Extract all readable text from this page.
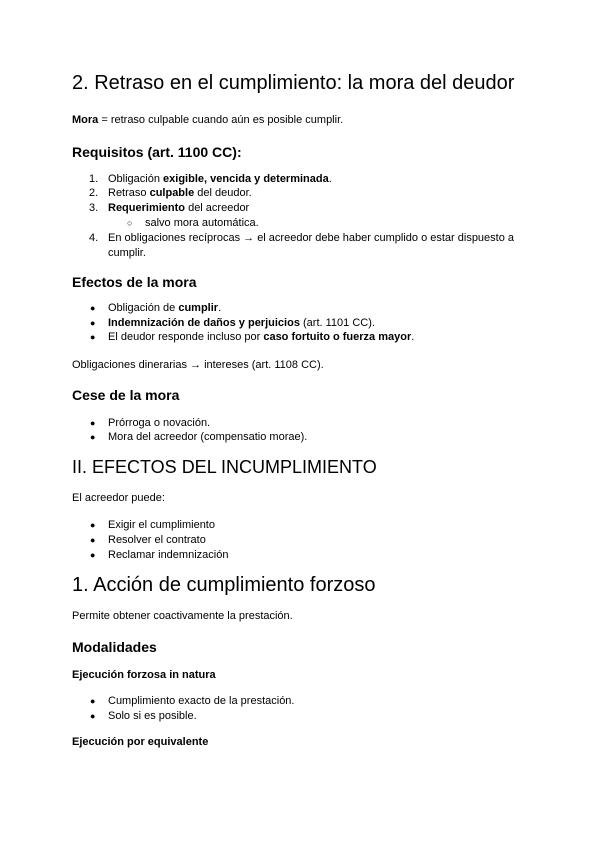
2. Retraso en el cumplimiento: la mora del deudor
Mora = retraso culpable cuando aún es posible cumplir.
Requisitos (art. 1100 CC):
1. Obligación exigible, vencida y determinada.
2. Retraso culpable del deudor.
3. Requerimiento del acreedor
○ salvo mora automática.
4. En obligaciones recíprocas → el acreedor debe haber cumplido o estar dispuesto a
cumplir.
Efectos de la mora
● Obligación de cumplir.
● Indemnización de daños y perjuicios (art. 1101 CC).
● El deudor responde incluso por caso fortuito o fuerza mayor.
Obligaciones dinerarias → intereses (art. 1108 CC).
Cese de la mora
● Prórroga o novación.
● Mora del acreedor (compensatio morae).
II. EFECTOS DEL INCUMPLIMIENTO
El acreedor puede:
● Exigir el cumplimiento
● Resolver el contrato
● Reclamar indemnización
1. Acción de cumplimiento forzoso
Permite obtener coactivamente la prestación.
Modalidades
Ejecución forzosa in natura
● Cumplimiento exacto de la prestación.
● Solo si es posible.
Ejecución por equivalente
